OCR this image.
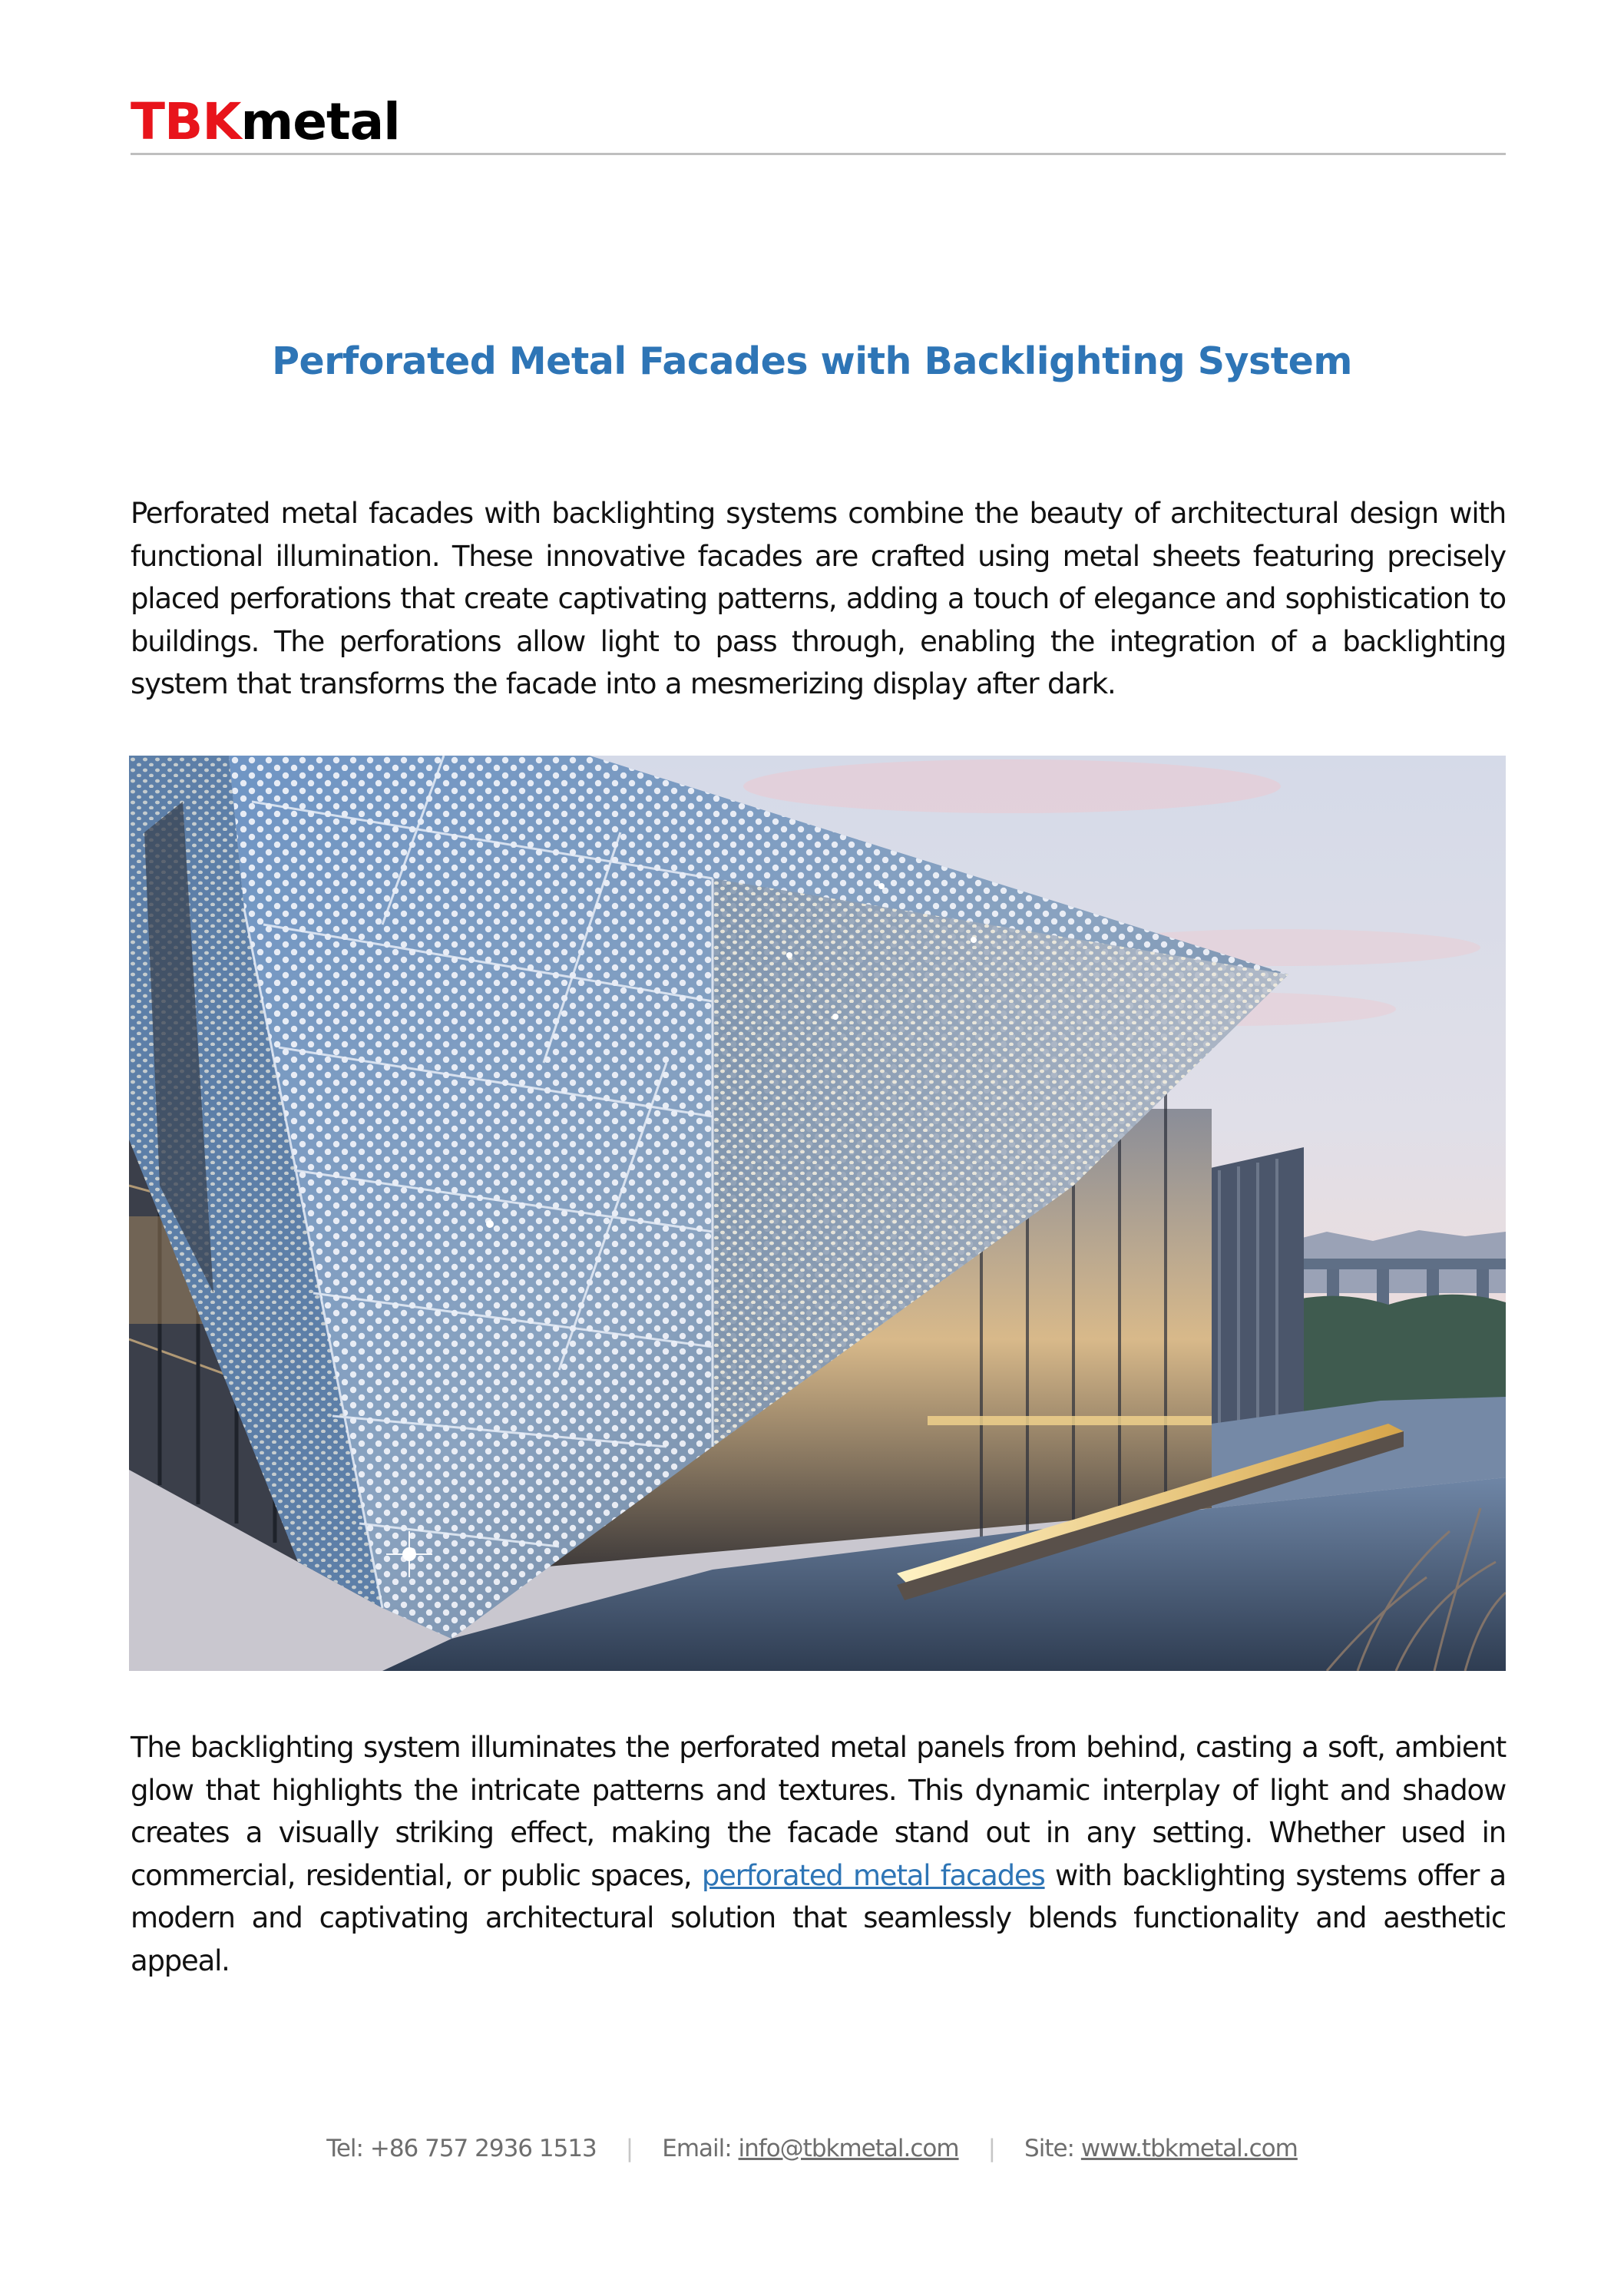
TBK metal
Perforated Metal Facades with Backlighting System

Perforated metal facades with backlighting systems combine the beauty of architectural design with functional illumination. These innovative facades are crafted using metal sheets featuring precisely placed perforations that create captivating patterns, adding a touch of elegance and sophistication to buildings. The perforations allow light to pass through, enabling the integration of a backlighting system that transforms the facade into a mesmerizing display after dark.

The backlighting system illuminates the perforated metal panels from behind, casting a soft, ambient glow that highlights the intricate patterns and textures. This dynamic interplay of light and shadow creates a visually striking effect, making the facade stand out in any setting. Whether used in commercial, residential, or public spaces, perforated metal facades with backlighting systems offer a modern and captivating architectural solution that seamlessly blends functionality and aesthetic appeal.

Tel: +86 757 2936 1513 | Email: info@tbkmetal.com | Site: www.tbkmetal.com
